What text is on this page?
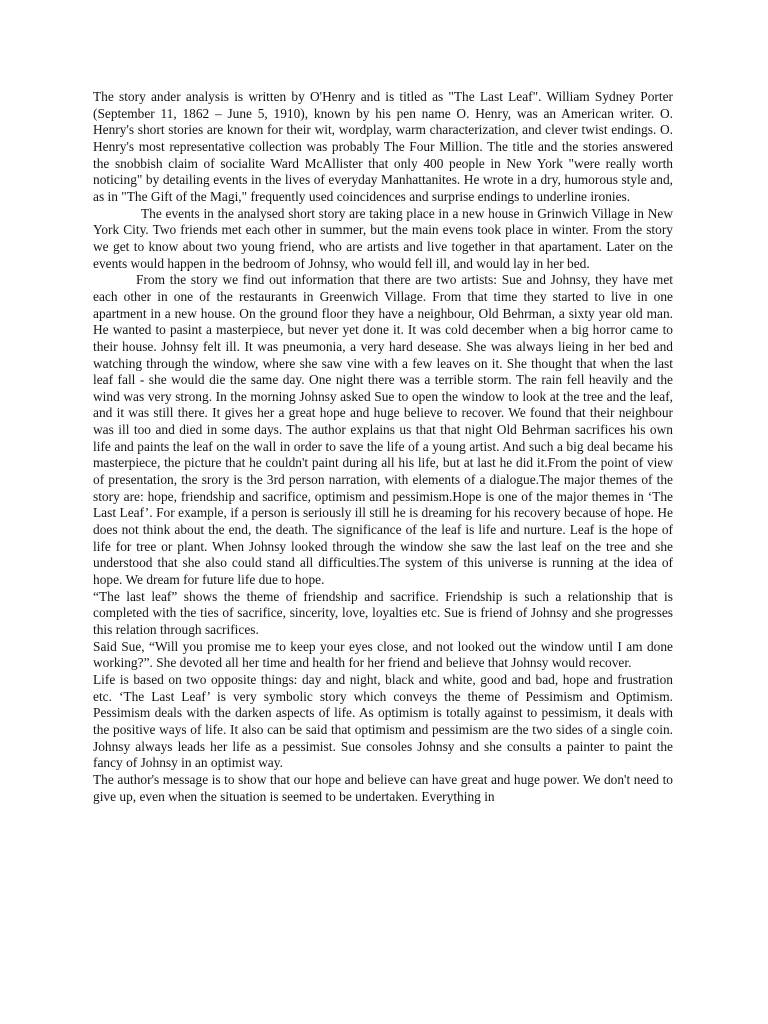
The story ander analysis is written by O'Henry and is titled as "The Last Leaf". William Sydney Porter (September 11, 1862 – June 5, 1910), known by his pen name O. Henry, was an American writer. O. Henry's short stories are known for their wit, wordplay, warm characterization, and clever twist endings. O. Henry's most representative collection was probably The Four Million. The title and the stories answered the snobbish claim of socialite Ward McAllister that only 400 people in New York "were really worth noticing" by detailing events in the lives of everyday Manhattanites. He wrote in a dry, humorous style and, as in "The Gift of the Magi," frequently used coincidences and surprise endings to underline ironies.

The events in the analysed short story are taking place in a new house in Grinwich Village in New York City. Two friends met each other in summer, but the main evens took place in winter. From the story we get to know about two young friend, who are artists and live together in that apartament. Later on the events would happen in the bedroom of Johnsy, who would fell ill, and would lay in her bed.

From the story we find out information that there are two artists: Sue and Johnsy, they have met each other in one of the restaurants in Greenwich Village. From that time they started to live in one apartment in a new house. On the ground floor they have a neighbour, Old Behrman, a sixty year old man. He wanted to pasint a masterpiece, but never yet done it. It was cold december when a big horror came to their house. Johnsy felt ill. It was pneumonia, a very hard desease. She was always lieing in her bed and watching through the window, where she saw vine with a few leaves on it. She thought that when the last leaf fall - she would die the same day. One night there was a terrible storm. The rain fell heavily and the wind was very strong. In the morning Johnsy asked Sue to open the window to look at the tree and the leaf, and it was still there. It gives her a great hope and huge believe to recover. We found that their neighbour was ill too and died in some days. The author explains us that that night Old Behrman sacrifices his own life and paints the leaf on the wall in order to save the life of a young artist. And such a big deal became his masterpiece, the picture that he couldn't paint during all his life, but at last he did it.From the point of view of presentation, the srory is the 3rd person narration, with elements of a dialogue.The major themes of the story are: hope, friendship and sacrifice, optimism and pessimism.Hope is one of the major themes in ‘The Last Leaf’. For example, if a person is seriously ill still he is dreaming for his recovery because of hope. He does not think about the end, the death. The significance of the leaf is life and nurture. Leaf is the hope of life for tree or plant. When Johnsy looked through the window she saw the last leaf on the tree and she understood that she also could stand all difficulties.The system of this universe is running at the idea of hope. We dream for future life due to hope.

“The last leaf” shows the theme of friendship and sacrifice. Friendship is such a relationship that is completed with the ties of sacrifice, sincerity, love, loyalties etc. Sue is friend of Johnsy and she progresses this relation through sacrifices.

Said Sue, “Will you promise me to keep your eyes close, and not looked out the window until I am done working?”. She devoted all her time and health for her friend and believe that Johnsy would recover.

Life is based on two opposite things: day and night, black and white, good and bad, hope and frustration etc. ‘The Last Leaf’ is very symbolic story which conveys the theme of Pessimism and Optimism. Pessimism deals with the darken aspects of life. As optimism is totally against to pessimism, it deals with the positive ways of life. It also can be said that optimism and pessimism are the two sides of a single coin. Johnsy always leads her life as a pessimist. Sue consoles Johnsy and she consults a painter to paint the fancy of Johnsy in an optimist way.

The author's message is to show that our hope and believe can have great and huge power. We don't need to give up, even when the situation is seemed to be undertaken. Everything in
